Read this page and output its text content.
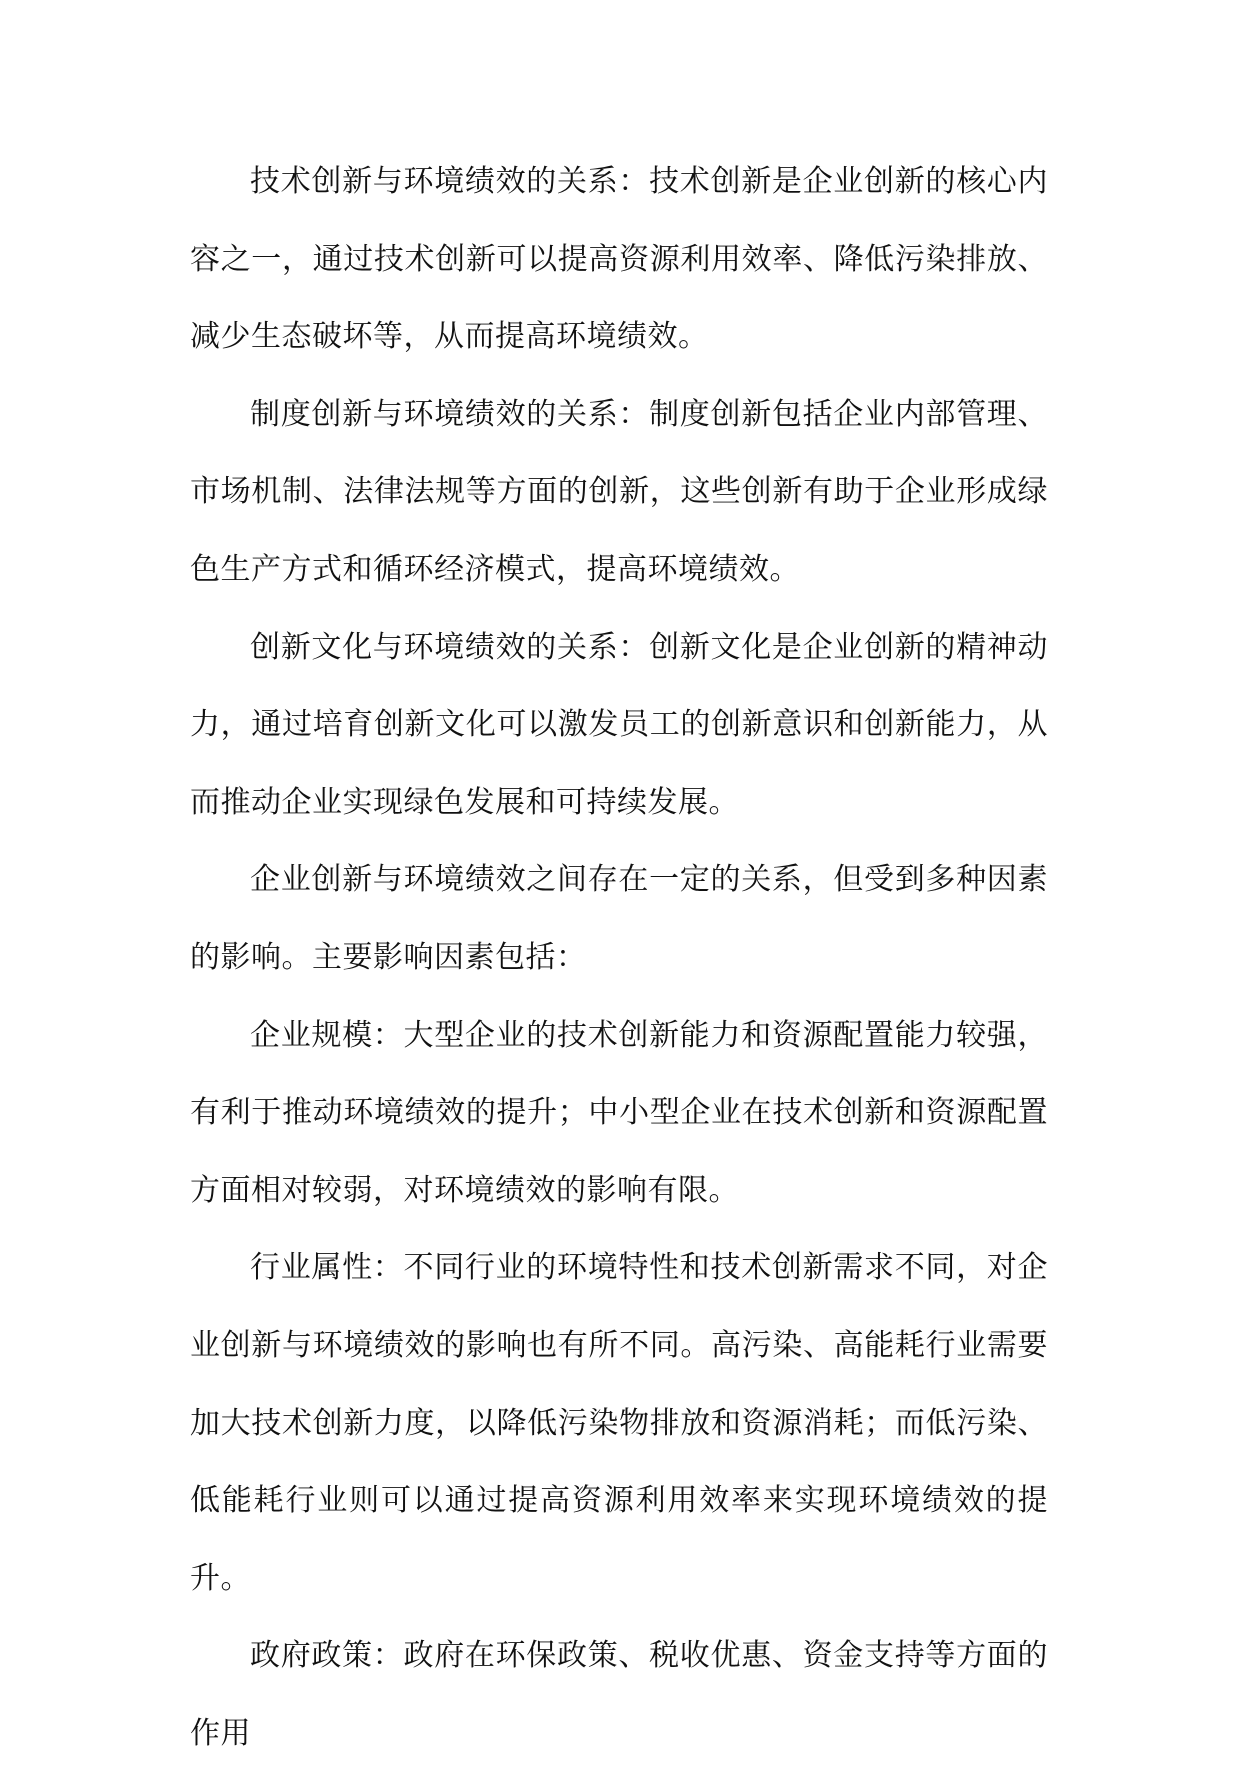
技术创新与环境绩效的关系：技术创新是企业创新的核心内容之一，通过技术创新可以提高资源利用效率、降低污染排放、减少生态破坏等，从而提高环境绩效。

制度创新与环境绩效的关系：制度创新包括企业内部管理、市场机制、法律法规等方面的创新，这些创新有助于企业形成绿色生产方式和循环经济模式，提高环境绩效。

创新文化与环境绩效的关系：创新文化是企业创新的精神动力，通过培育创新文化可以激发员工的创新意识和创新能力，从而推动企业实现绿色发展和可持续发展。

企业创新与环境绩效之间存在一定的关系，但受到多种因素的影响。主要影响因素包括：

企业规模：大型企业的技术创新能力和资源配置能力较强，有利于推动环境绩效的提升；中小型企业在技术创新和资源配置方面相对较弱，对环境绩效的影响有限。

行业属性：不同行业的环境特性和技术创新需求不同，对企业创新与环境绩效的影响也有所不同。高污染、高能耗行业需要加大技术创新力度，以降低污染物排放和资源消耗；而低污染、低能耗行业则可以通过提高资源利用效率来实现环境绩效的提升。

政府政策：政府在环保政策、税收优惠、资金支持等方面的作用
